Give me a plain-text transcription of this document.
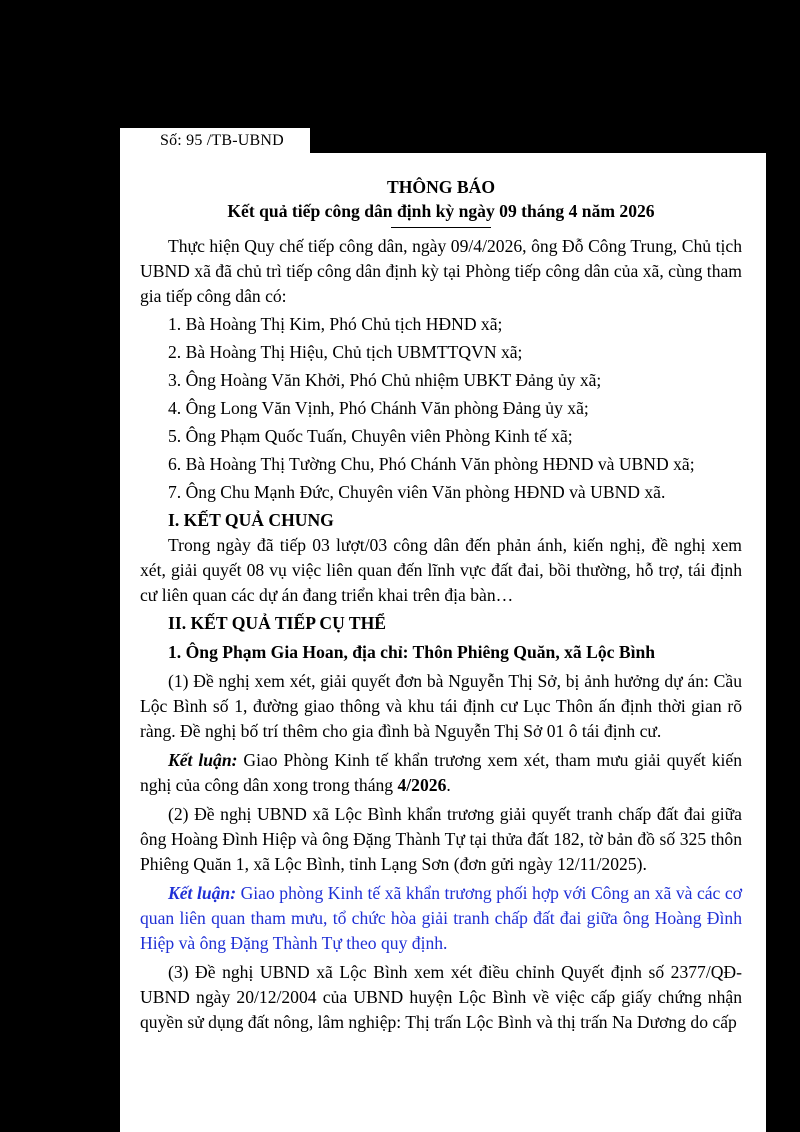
Số: 95 /TB-UBND
THÔNG BÁO
Kết quả tiếp công dân định kỳ ngày 09 tháng 4 năm 2026

Thực hiện Quy chế tiếp công dân, ngày 09/4/2026, ông Đỗ Công Trung, Chủ tịch UBND xã đã chủ trì tiếp công dân định kỳ tại Phòng tiếp công dân của xã, cùng tham gia tiếp công dân có:

1. Bà Hoàng Thị Kim, Phó Chủ tịch HĐND xã;
2. Bà Hoàng Thị Hiệu, Chủ tịch UBMTTQVN xã;
3. Ông Hoàng Văn Khởi, Phó Chủ nhiệm UBKT Đảng ủy xã;
4. Ông Long Văn Vịnh, Phó Chánh Văn phòng Đảng ủy xã;
5. Ông Phạm Quốc Tuấn, Chuyên viên Phòng Kinh tế xã;
6. Bà Hoàng Thị Tường Chu, Phó Chánh Văn phòng HĐND và UBND xã;
7. Ông Chu Mạnh Đức, Chuyên viên Văn phòng HĐND và UBND xã.
I. KẾT QUẢ CHUNG

Trong ngày đã tiếp 03 lượt/03 công dân đến phản ánh, kiến nghị, đề nghị xem xét, giải quyết 08 vụ việc liên quan đến lĩnh vực đất đai, bồi thường, hỗ trợ, tái định cư liên quan các dự án đang triển khai trên địa bàn…

II. KẾT QUẢ TIẾP CỤ THỂ
1. Ông Phạm Gia Hoan, địa chỉ: Thôn Phiêng Quăn, xã Lộc Bình

(1) Đề nghị xem xét, giải quyết đơn bà Nguyễn Thị Sở, bị ảnh hưởng dự án: Cầu Lộc Bình số 1, đường giao thông và khu tái định cư Lục Thôn ấn định thời gian rõ ràng. Đề nghị bố trí thêm cho gia đình bà Nguyễn Thị Sở 01 ô tái định cư.

Kết luận: Giao Phòng Kinh tế khẩn trương xem xét, tham mưu giải quyết kiến nghị của công dân xong trong tháng 4/2026.

(2) Đề nghị UBND xã Lộc Bình khẩn trương giải quyết tranh chấp đất đai giữa ông Hoàng Đình Hiệp và ông Đặng Thành Tự tại thửa đất 182, tờ bản đồ số 325 thôn Phiêng Quăn 1, xã Lộc Bình, tỉnh Lạng Sơn (đơn gửi ngày 12/11/2025).

Kết luận: Giao phòng Kinh tế xã khẩn trương phối hợp với Công an xã và các cơ quan liên quan tham mưu, tổ chức hòa giải tranh chấp đất đai giữa ông Hoàng Đình Hiệp và ông Đặng Thành Tự theo quy định.

(3) Đề nghị UBND xã Lộc Bình xem xét điều chỉnh Quyết định số 2377/QĐ-UBND ngày 20/12/2004 của UBND huyện Lộc Bình về việc cấp giấy chứng nhận quyền sử dụng đất nông, lâm nghiệp: Thị trấn Lộc Bình và thị trấn Na Dương do cấp
